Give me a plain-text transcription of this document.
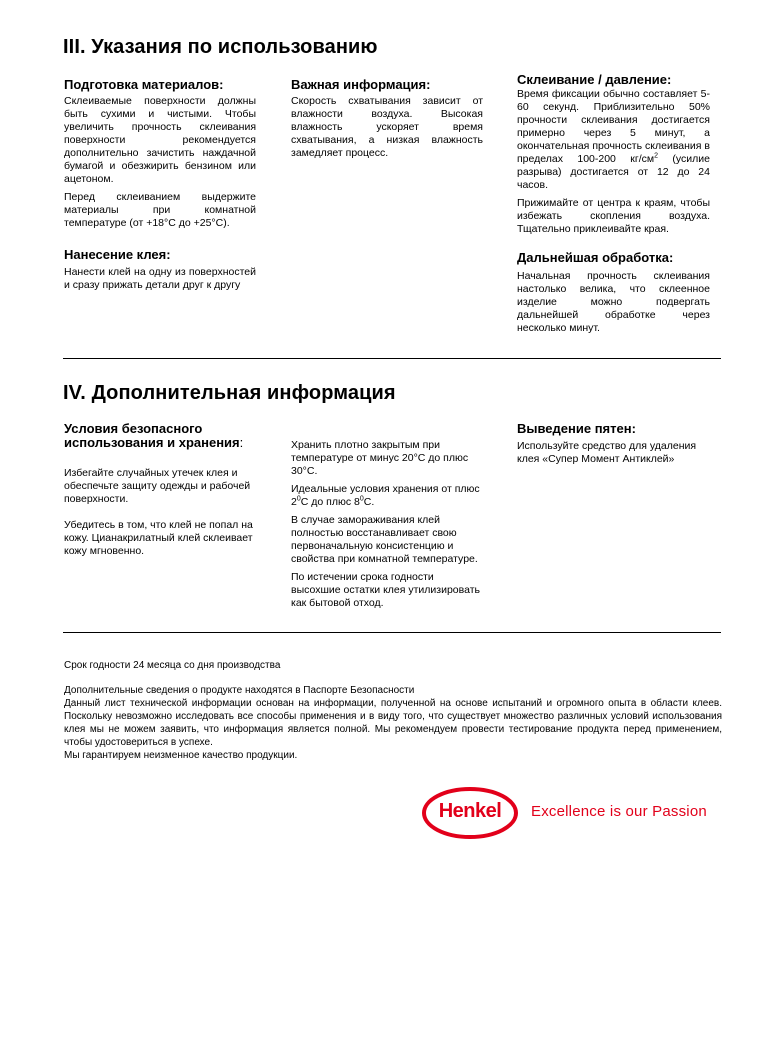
III. Указания по использованию
Подготовка материалов:

Склеиваемые поверхности должны быть сухими и чистыми. Чтобы увеличить прочность склеивания поверхности рекомендуется дополнительно зачистить наждачной бумагой и обезжирить бензином или ацетоном.

Перед склеиванием выдержите материалы при комнатной температуре (от +18°C до +25°C).

Нанесение клея:

Нанести клей на одну из поверхностей и сразу прижать детали друг к другу

Важная информация:

Скорость схватывания зависит от влажности воздуха. Высокая влажность ускоряет время схватывания, а низкая влажность замедляет процесс.

Склеивание / давление:

Время фиксации обычно составляет 5-60 секунд. Приблизительно 50% прочности склеивания достигается примерно через 5 минут, а окончательная прочность склеивания в пределах 100-200 $кг/см^2$ (усилие разрыва) достигается от 12 до 24 часов.

Прижимайте от центра к краям, чтобы избежать скопления воздуха. Тщательно приклеивайте края.

Дальнейшая обработка:

Начальная прочность склеивания настолько велика, что склеенное изделие можно подвергать дальнейшей обработке через несколько минут.

IV. Дополнительная информация
Условия безопасного
использования и хранения:

Избегайте случайных утечек клея и обеспечьте защиту одежды и рабочей поверхности.

Убедитесь в том, что клей не попал на кожу. Цианакрилатный клей склеивает кожу мгновенно.

Хранить плотно закрытым при температуре от минус 20°С до плюс 30°С.

Идеальные условия хранения от плюс $2^0С$ до плюс $8^0С$.

В случае замораживания клей полностью восстанавливает свою первоначальную консистенцию и свойства при комнатной температуре.

По истечении срока годности высохшие остатки клея утилизировать как бытовой отход.

Выведение пятен:

Используйте средство для удаления клея «Супер Момент Антиклей»

Срок годности 24 месяца со дня производства

Дополнительные сведения о продукте находятся в Паспорте Безопасности

Данный лист технической информации основан на информации, полученной на основе испытаний и огромного опыта в области клеев. Поскольку невозможно исследовать все способы применения и в виду того, что существует множество различных условий использования клея мы не можем заявить, что информация является полной. Мы рекомендуем провести тестирование продукта перед применением, чтобы удостовериться в успехе.

Мы гарантируем неизменное качество продукции.

Henkel	Excellence is our Passion
